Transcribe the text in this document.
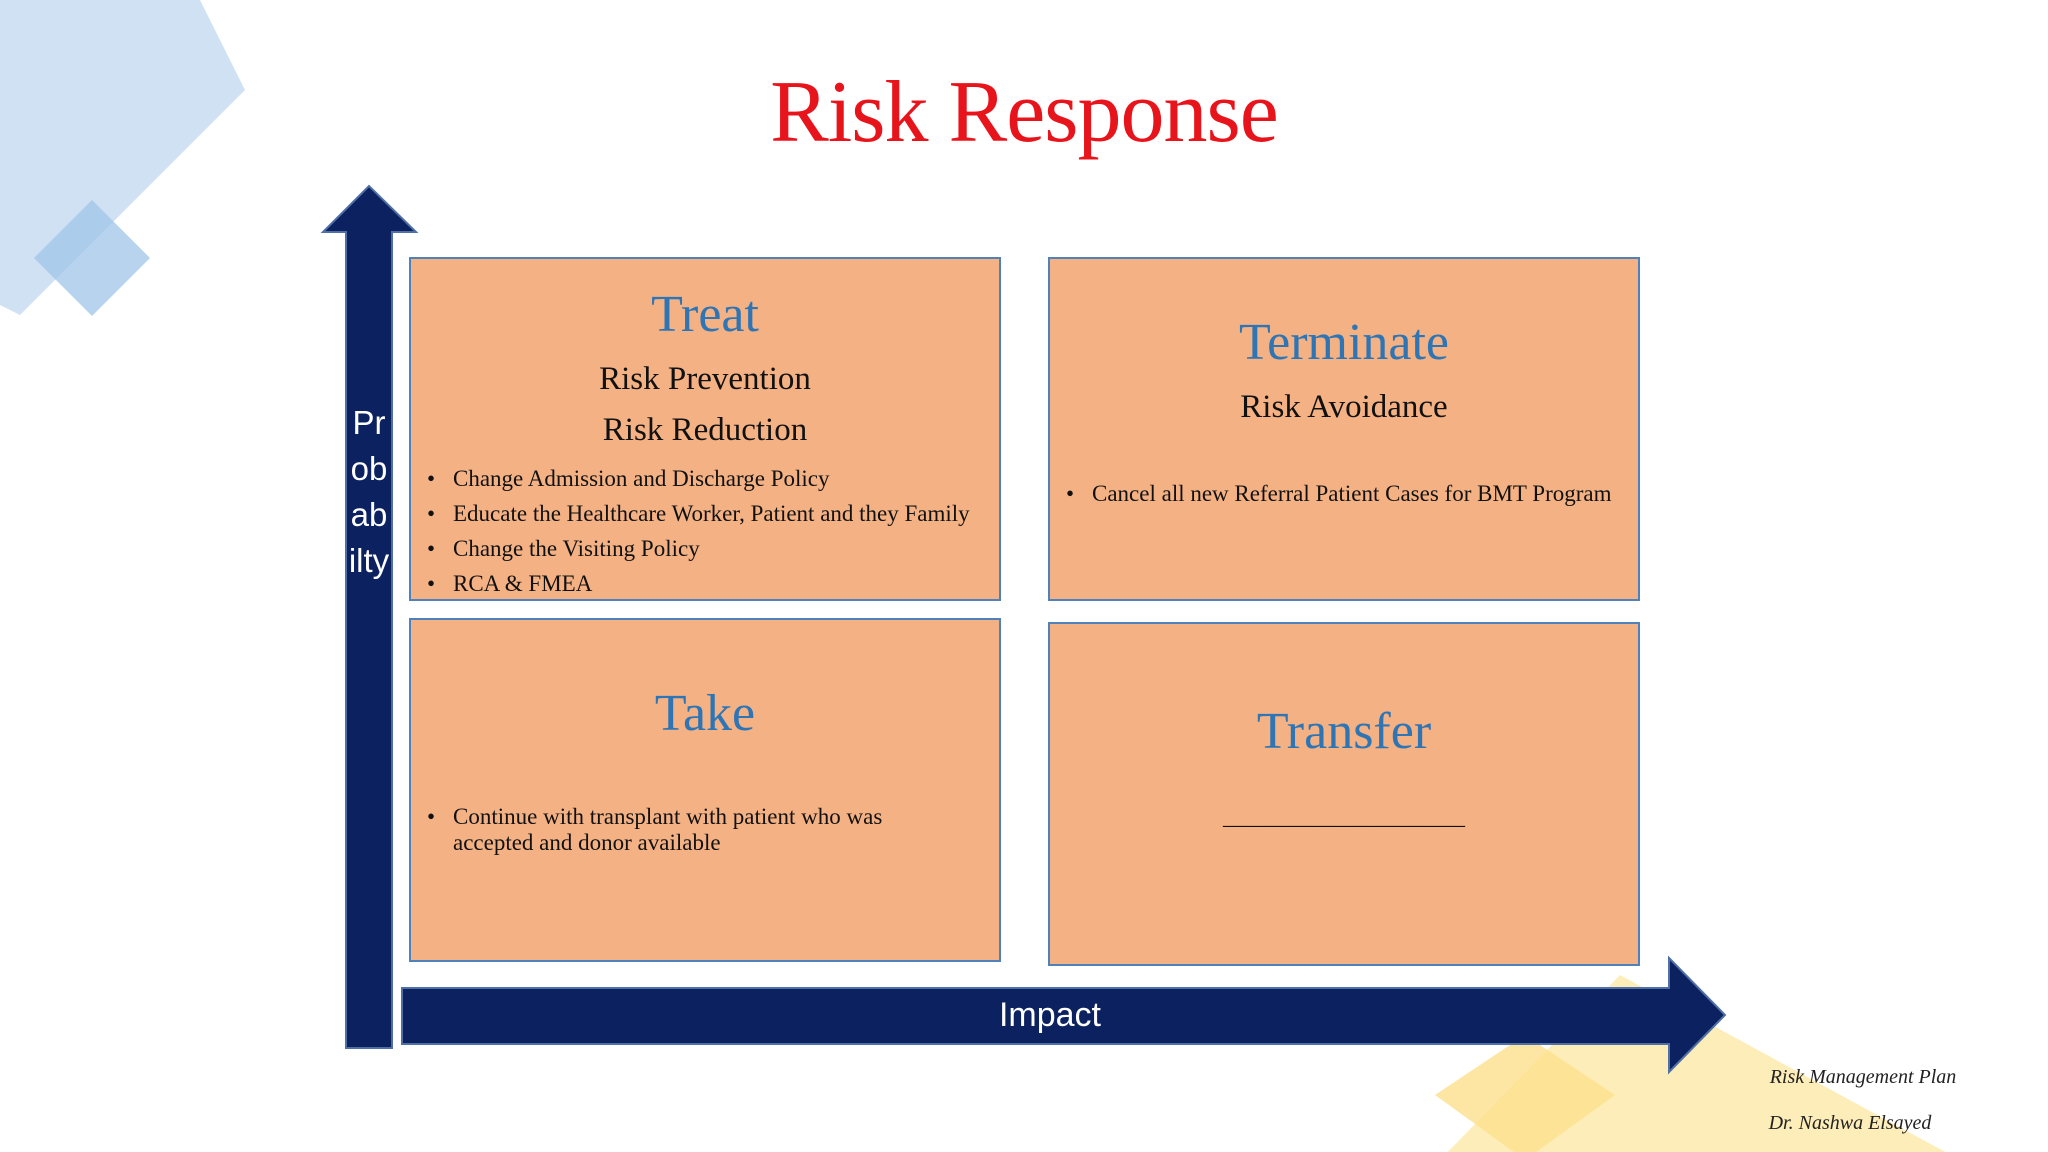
Risk Response
Probabilty
Impact
Treat
Risk Prevention
Risk Reduction
• Change Admission and Discharge Policy
• Educate the Healthcare Worker, Patient and they Family
• Change the Visiting Policy
• RCA & FMEA
Terminate
Risk Avoidance
• Cancel all new Referral Patient Cases for BMT Program
Take
• Continue with transplant with patient who was accepted and donor available
Transfer
______________________
Risk Management Plan
Dr. Nashwa Elsayed
